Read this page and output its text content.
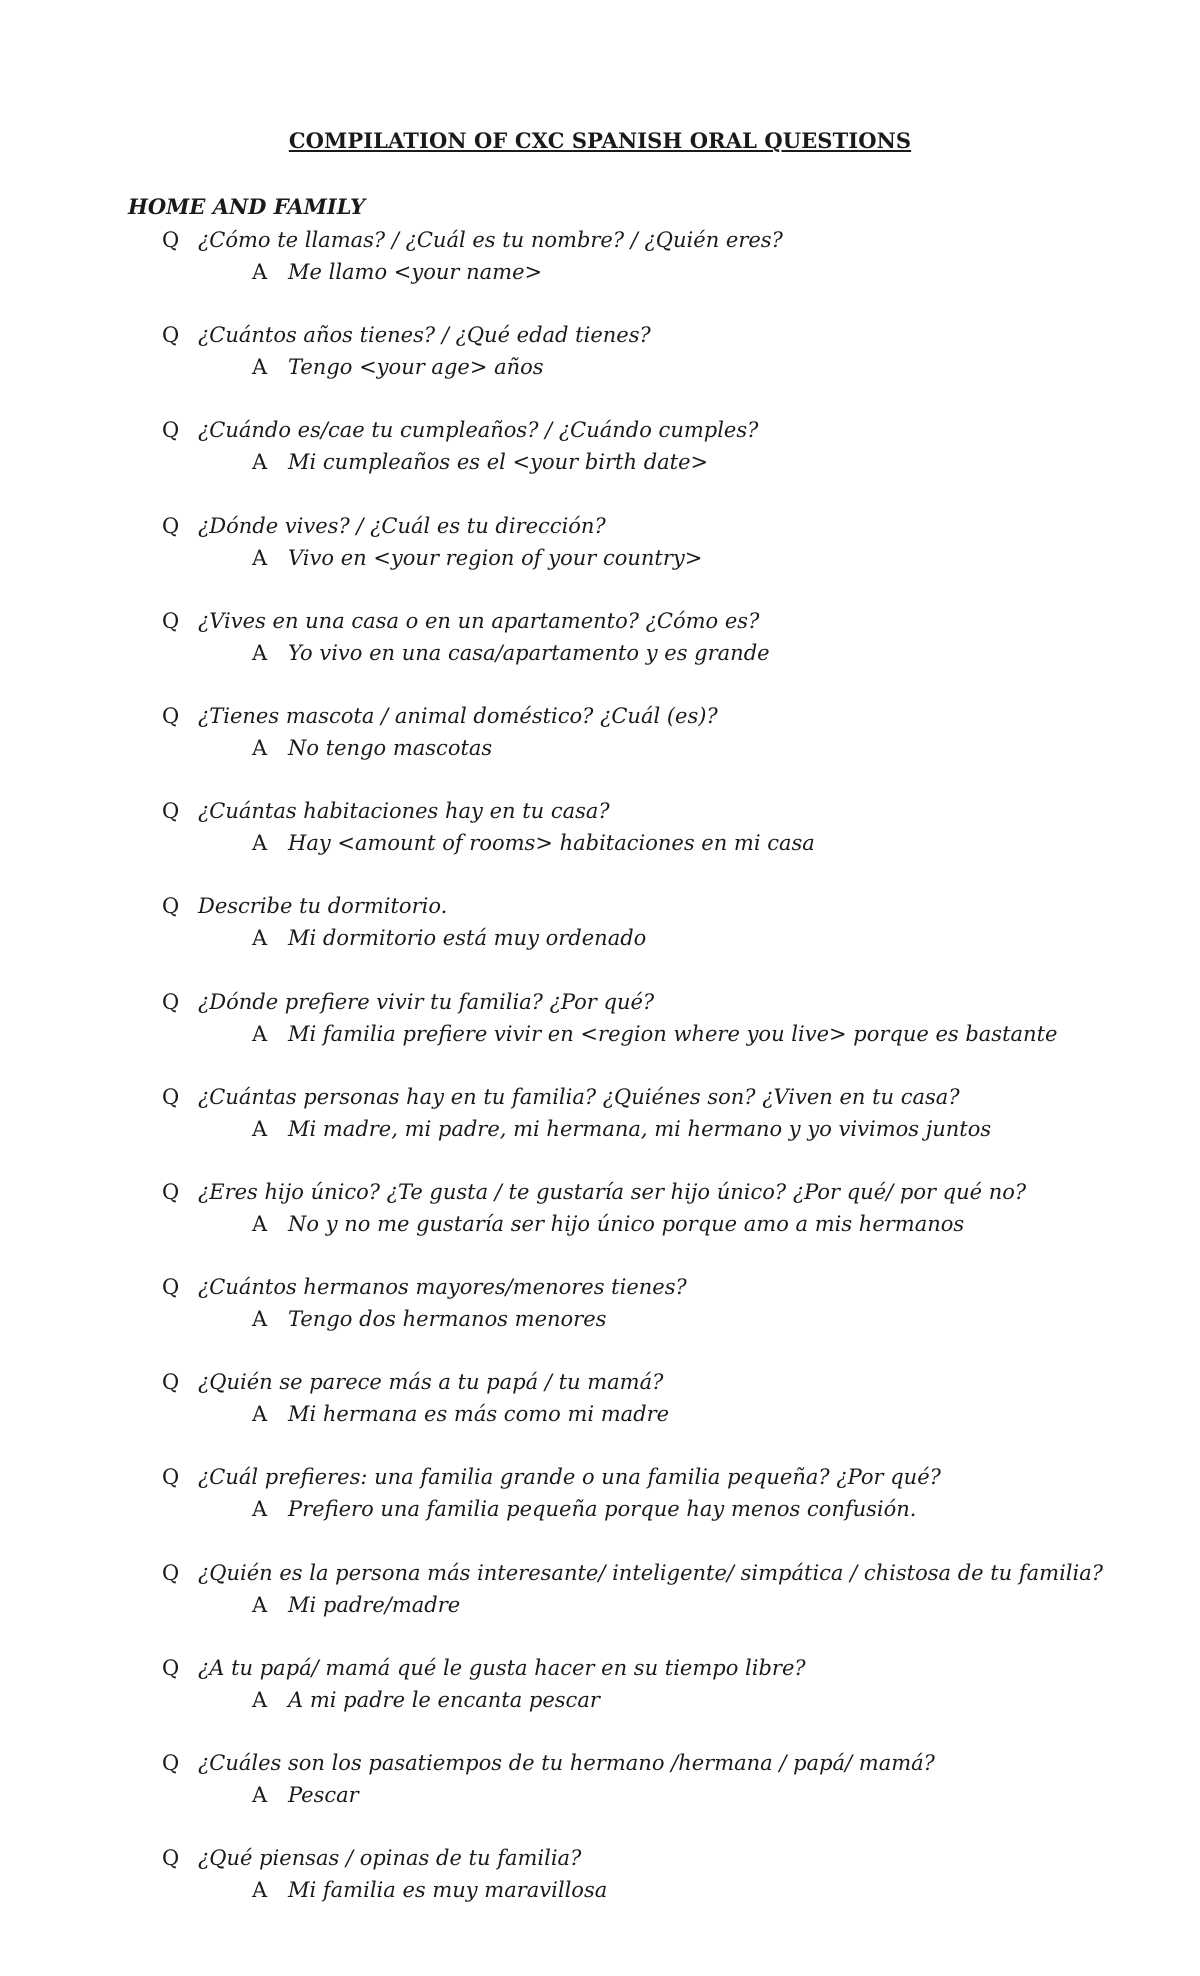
COMPILATION OF CXC SPANISH ORAL QUESTIONS
HOME AND FAMILY
Q ¿Cómo te llamas? / ¿Cuál es tu nombre? / ¿Quién eres?
A Me llamo <your name>
Q ¿Cuántos años tienes? / ¿Qué edad tienes?
A Tengo <your age> años
Q ¿Cuándo es/cae tu cumpleaños? / ¿Cuándo cumples?
A Mi cumpleaños es el <your birth date>
Q ¿Dónde vives? / ¿Cuál es tu dirección?
A Vivo en <your region of your country>
Q ¿Vives en una casa o en un apartamento? ¿Cómo es?
A Yo vivo en una casa/apartamento y es grande
Q ¿Tienes mascota / animal doméstico? ¿Cuál (es)?
A No tengo mascotas
Q ¿Cuántas habitaciones hay en tu casa?
A Hay <amount of rooms> habitaciones en mi casa
Q Describe tu dormitorio.
A Mi dormitorio está muy ordenado
Q ¿Dónde prefiere vivir tu familia? ¿Por qué?
A Mi familia prefiere vivir en <region where you live> porque es bastante
Q ¿Cuántas personas hay en tu familia? ¿Quiénes son? ¿Viven en tu casa?
A Mi madre, mi padre, mi hermana, mi hermano y yo vivimos juntos
Q ¿Eres hijo único? ¿Te gusta / te gustaría ser hijo único? ¿Por qué/ por qué no?
A No y no me gustaría ser hijo único porque amo a mis hermanos
Q ¿Cuántos hermanos mayores/menores tienes?
A Tengo dos hermanos menores
Q ¿Quién se parece más a tu papá / tu mamá?
A Mi hermana es más como mi madre
Q ¿Cuál prefieres: una familia grande o una familia pequeña? ¿Por qué?
A Prefiero una familia pequeña porque hay menos confusión.
Q ¿Quién es la persona más interesante/ inteligente/ simpática / chistosa de tu familia?
A Mi padre/madre
Q ¿A tu papá/ mamá qué le gusta hacer en su tiempo libre?
A A mi padre le encanta pescar
Q ¿Cuáles son los pasatiempos de tu hermano /hermana / papá/ mamá?
A Pescar
Q ¿Qué piensas / opinas de tu familia?
A Mi familia es muy maravillosa
